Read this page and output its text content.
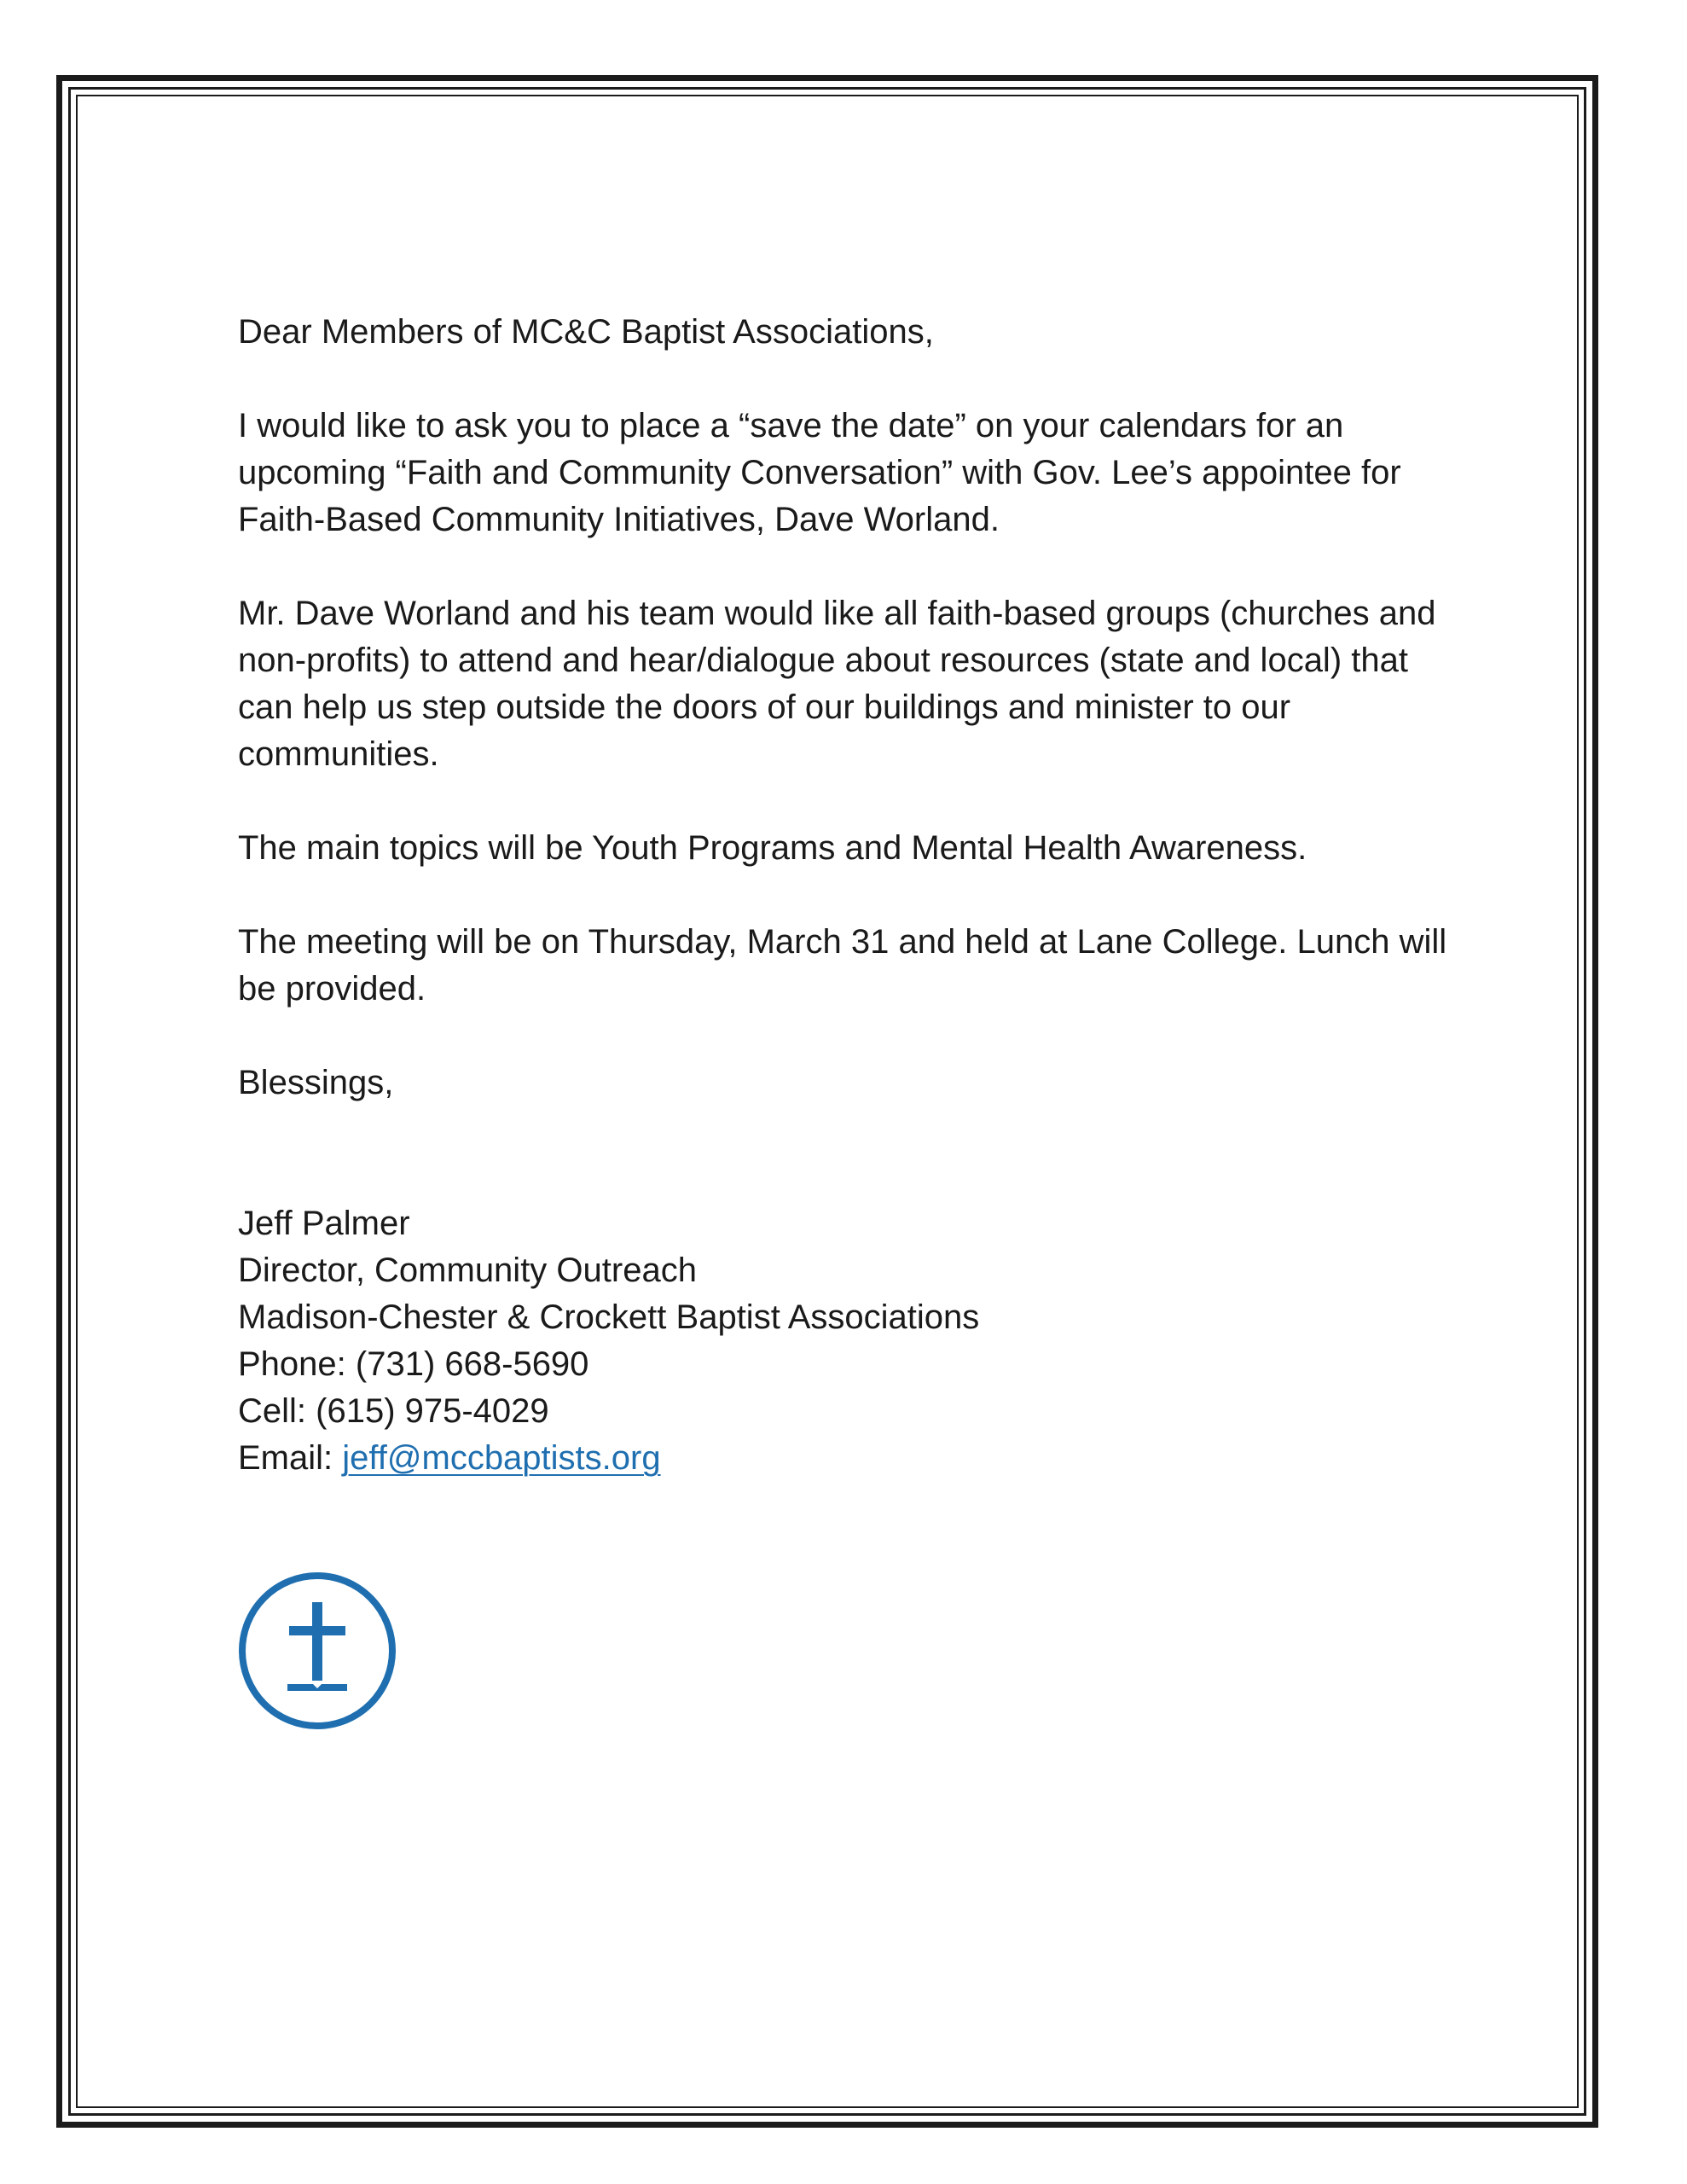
Dear Members of MC&C Baptist Associations,

I would like to ask you to place a “save the date” on your calendars for an upcoming “Faith and Community Conversation” with Gov. Lee’s appointee for Faith-Based Community Initiatives, Dave Worland.

Mr. Dave Worland and his team would like all faith-based groups (churches and non-profits) to attend and hear/dialogue about resources (state and local) that can help us step outside the doors of our buildings and minister to our communities.

The main topics will be Youth Programs and Mental Health Awareness.

The meeting will be on Thursday, March 31 and held at Lane College. Lunch will be provided.

Blessings,

Jeff Palmer
Director, Community Outreach
Madison-Chester & Crockett Baptist Associations
Phone: (731) 668-5690
Cell: (615) 975-4029
Email: jeff@mccbaptists.org
